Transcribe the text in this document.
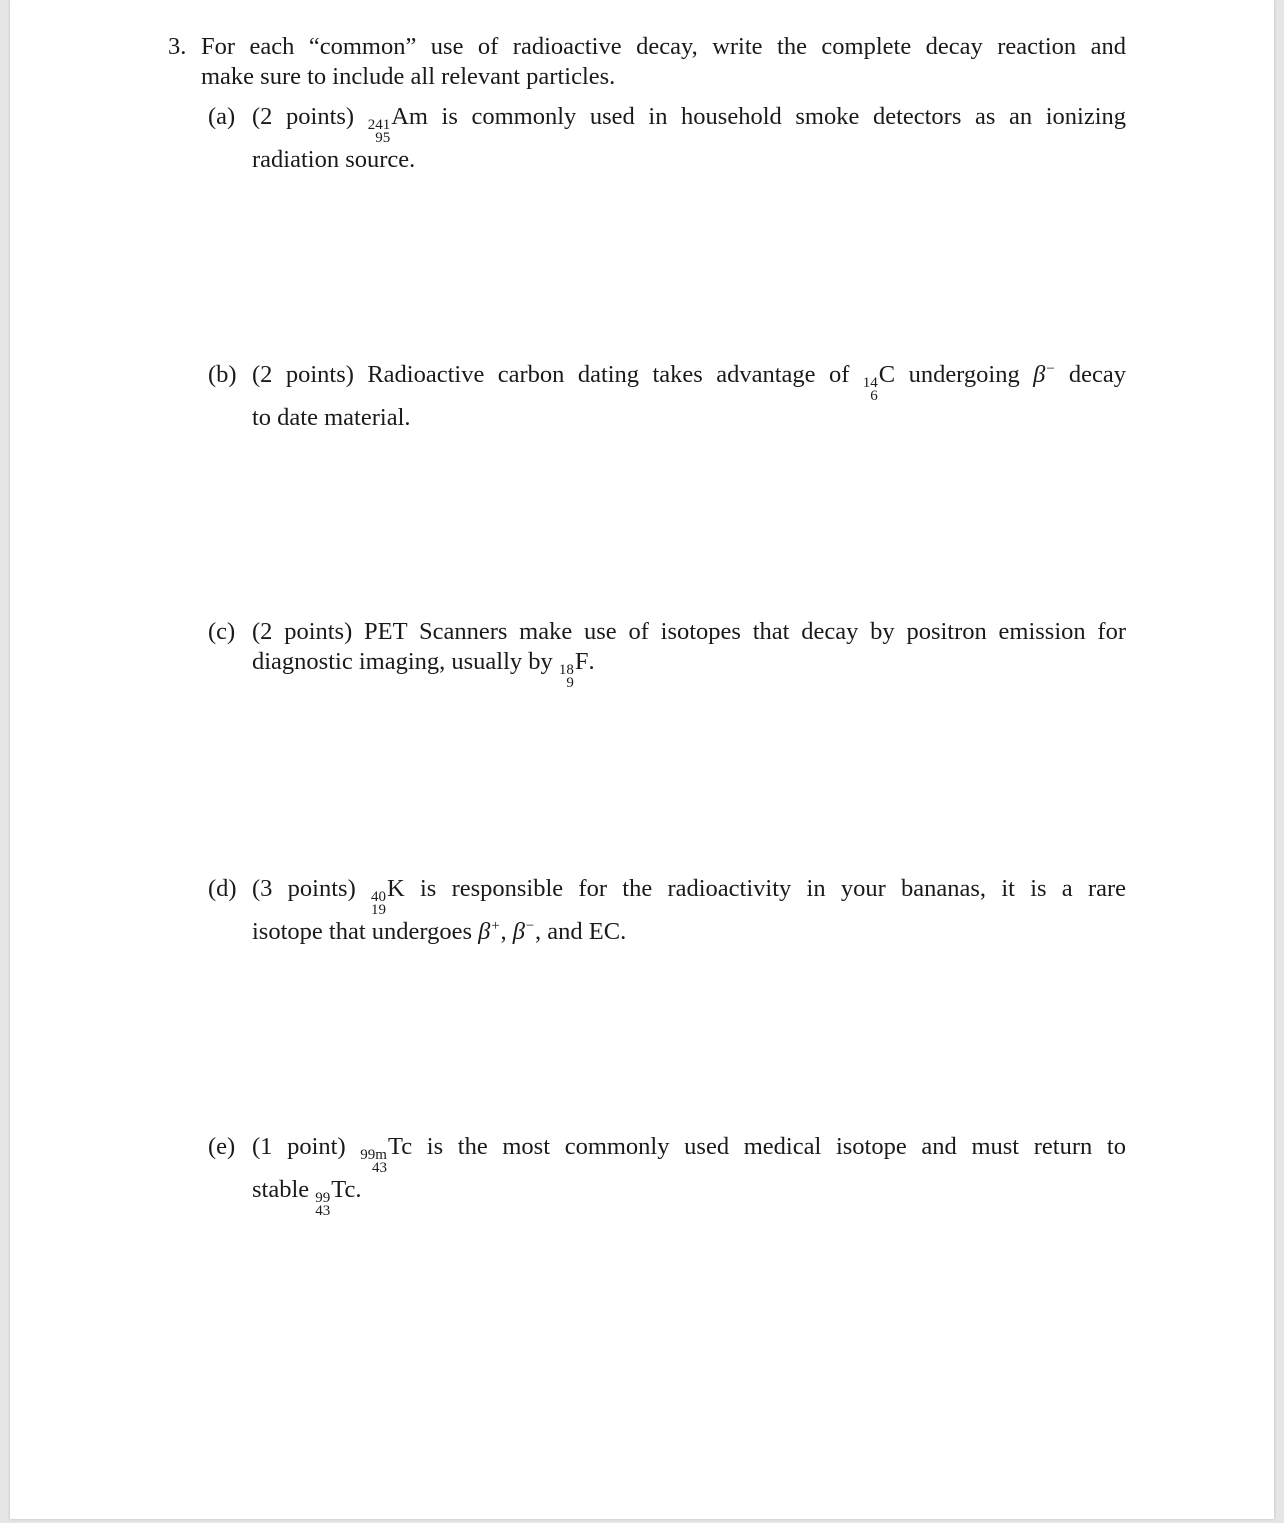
3. For each “common” use of radioactive decay, write the complete decay reaction and
make sure to include all relevant particles.
(a) (2 points) 241
95
Am is commonly used in household smoke detectors as an ionizing
radiation source.
(b) (2 points) Radioactive carbon dating takes advantage of 14
6
C undergoing β− decay
to date material.
(c) (2 points) PET Scanners make use of isotopes that decay by positron emission for
diagnostic imaging, usually by 18
9
F.
(d) (3 points) 40
19
K is responsible for the radioactivity in your bananas, it is a rare
isotope that undergoes β+, β−, and EC.
(e) (1 point) 99m
43
Tc is the most commonly used medical isotope and must return to
stable 99
43
Tc.
